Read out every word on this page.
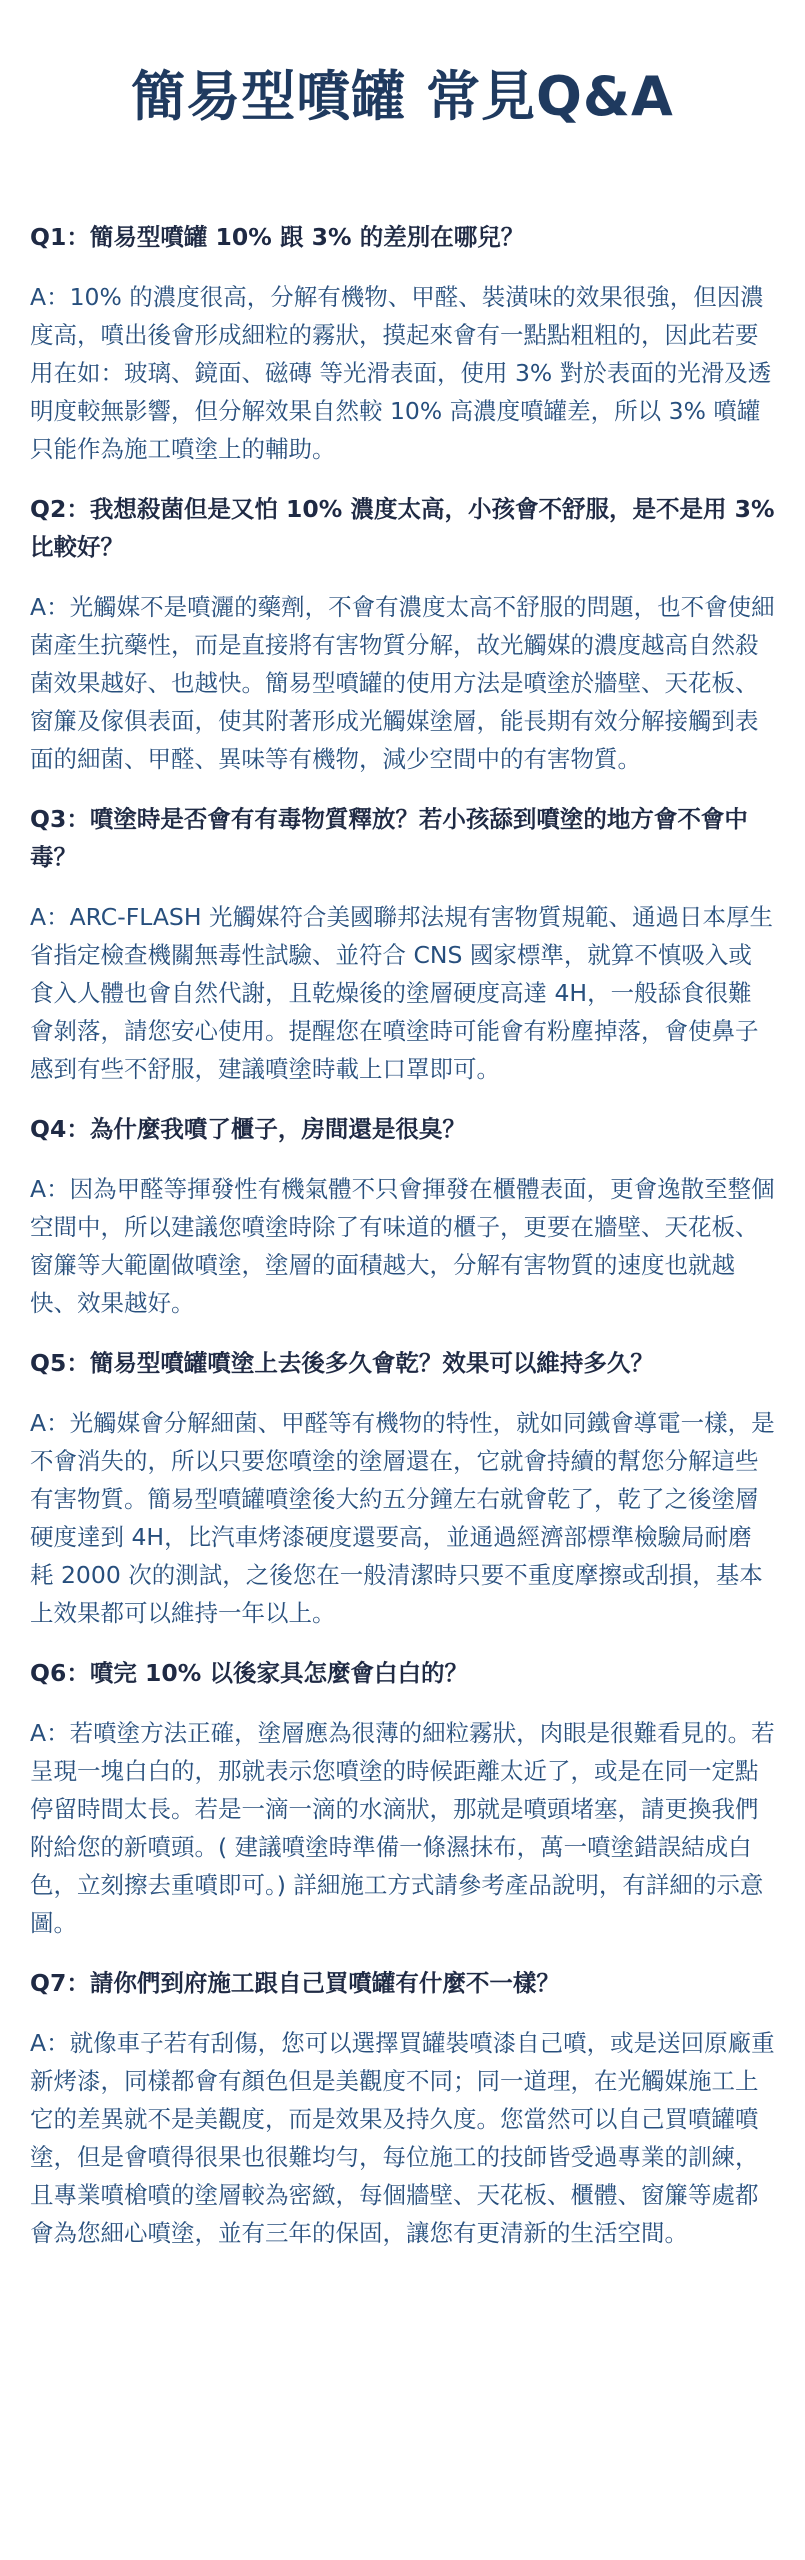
簡易型噴罐 常見Q&A

Q1：簡易型噴罐 10% 跟 3% 的差別在哪兒？

A：10% 的濃度很高，分解有機物、甲醛、裝潢味的效果很強，但因濃度高，噴出後會形成細粒的霧狀，摸起來會有一點點粗粗的，因此若要用在如：玻璃、鏡面、磁磚 等光滑表面，使用 3% 對於表面的光滑及透明度較無影響，但分解效果自然較 10% 高濃度噴罐差，所以 3% 噴罐只能作為施工噴塗上的輔助。

Q2：我想殺菌但是又怕 10% 濃度太高，小孩會不舒服，是不是用 3% 比較好？

A：光觸媒不是噴灑的藥劑，不會有濃度太高不舒服的問題，也不會使細菌產生抗藥性，而是直接將有害物質分解，故光觸媒的濃度越高自然殺菌效果越好、也越快。簡易型噴罐的使用方法是噴塗於牆壁、天花板、窗簾及傢俱表面，使其附著形成光觸媒塗層，能長期有效分解接觸到表面的細菌、甲醛、異味等有機物，減少空間中的有害物質。

Q3：噴塗時是否會有有毒物質釋放？若小孩舔到噴塗的地方會不會中毒？

A：ARC-FLASH 光觸媒符合美國聯邦法規有害物質規範、通過日本厚生省指定檢查機關無毒性試驗、並符合 CNS 國家標準，就算不慎吸入或食入人體也會自然代謝，且乾燥後的塗層硬度高達 4H，一般舔食很難會剝落，請您安心使用。提醒您在噴塗時可能會有粉塵掉落，會使鼻子感到有些不舒服，建議噴塗時載上口罩即可。

Q4：為什麼我噴了櫃子，房間還是很臭？

A：因為甲醛等揮發性有機氣體不只會揮發在櫃體表面，更會逸散至整個空間中，所以建議您噴塗時除了有味道的櫃子，更要在牆壁、天花板、窗簾等大範圍做噴塗，塗層的面積越大，分解有害物質的速度也就越快、效果越好。

Q5：簡易型噴罐噴塗上去後多久會乾？效果可以維持多久？

A：光觸媒會分解細菌、甲醛等有機物的特性，就如同鐵會導電一樣，是不會消失的，所以只要您噴塗的塗層還在，它就會持續的幫您分解這些有害物質。簡易型噴罐噴塗後大約五分鐘左右就會乾了，乾了之後塗層硬度達到 4H，比汽車烤漆硬度還要高，並通過經濟部標準檢驗局耐磨耗 2000 次的測試，之後您在一般清潔時只要不重度摩擦或刮損，基本上效果都可以維持一年以上。

Q6：噴完 10% 以後家具怎麼會白白的？

A：若噴塗方法正確，塗層應為很薄的細粒霧狀，肉眼是很難看見的。若呈現一塊白白的，那就表示您噴塗的時候距離太近了，或是在同一定點停留時間太長。若是一滴一滴的水滴狀，那就是噴頭堵塞，請更換我們附給您的新噴頭。( 建議噴塗時準備一條濕抹布，萬一噴塗錯誤結成白色，立刻擦去重噴即可。) 詳細施工方式請參考產品說明，有詳細的示意圖。

Q7：請你們到府施工跟自己買噴罐有什麼不一樣？

A：就像車子若有刮傷，您可以選擇買罐裝噴漆自己噴，或是送回原廠重新烤漆，同樣都會有顏色但是美觀度不同；同一道理，在光觸媒施工上它的差異就不是美觀度，而是效果及持久度。您當然可以自己買噴罐噴塗，但是會噴得很果也很難均勻，每位施工的技師皆受過專業的訓練，且專業噴槍噴的塗層較為密緻，每個牆壁、天花板、櫃體、窗簾等處都會為您細心噴塗，並有三年的保固，讓您有更清新的生活空間。
